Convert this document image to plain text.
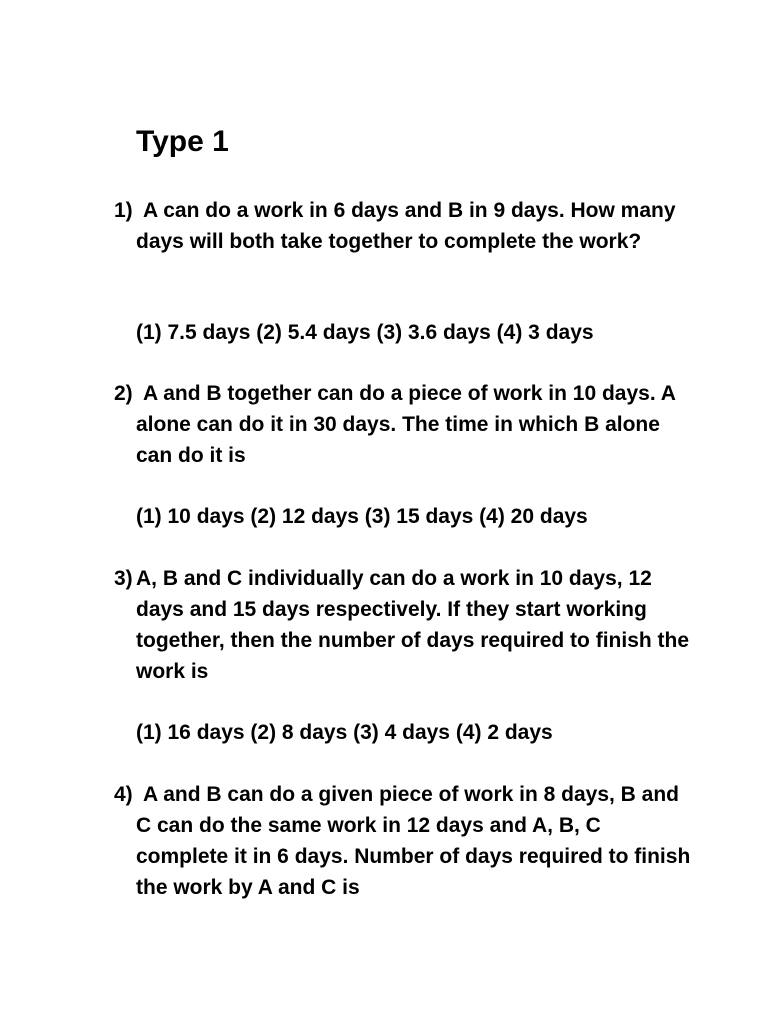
Type 1
1) A can do a work in 6 days and B in 9 days. How many days will both take together to complete the work?
(1) 7.5 days (2) 5.4 days (3) 3.6 days (4) 3 days
2) A and B together can do a piece of work in 10 days. A alone can do it in 30 days. The time in which B alone can do it is
(1) 10 days (2) 12 days (3) 15 days (4) 20 days
3) A, B and C individually can do a work in 10 days, 12 days and 15 days respectively. If they start working together, then the number of days required to finish the work is
(1) 16 days (2) 8 days (3) 4 days (4) 2 days
4) A and B can do a given piece of work in 8 days, B and C can do the same work in 12 days and A, B, C complete it in 6 days. Number of days required to finish the work by A and C is
